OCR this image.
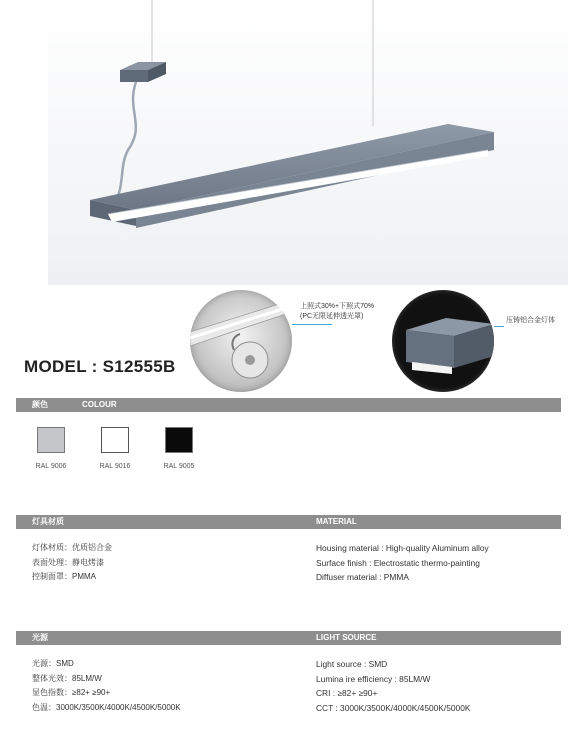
上照式30%+下照式70%
(PC无限延伸透光罩)
压铸铝合金灯体
MODEL : S12555B
颜色	COLOUR
RAL 9006	RAL 9016	RAL 9005
灯具材质	MATERIAL
灯体材质：优质铝合金
表面处理：静电烤漆
控制面罩：PMMA
Housing material : High-quality Aluminum alloy
Surface finish : Electrostatic thermo-painting
Diffuser material : PMMA
光源	LIGHT SOURCE
光源：SMD
整体光效：85LM/W
显色指数：≥82+ ≥90+
色温：3000K/3500K/4000K/4500K/5000K
Light source : SMD
Lumina ire efficiency : 85LM/W
CRI : ≥82+ ≥90+
CCT : 3000K/3500K/4000K/4500K/5000K
